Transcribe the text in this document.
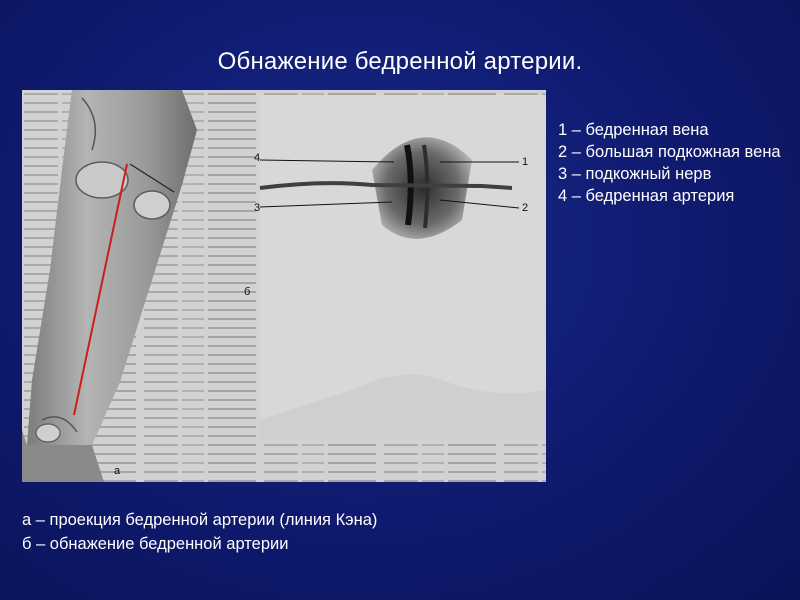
Обнажение бедренной артерии.
а
4
3
1
2
б
1 – бедренная вена
2 – большая подкожная вена
3 – подкожный нерв
4 – бедренная артерия
а – проекция бедренной артерии (линия Кэна)
б – обнажение бедренной артерии
